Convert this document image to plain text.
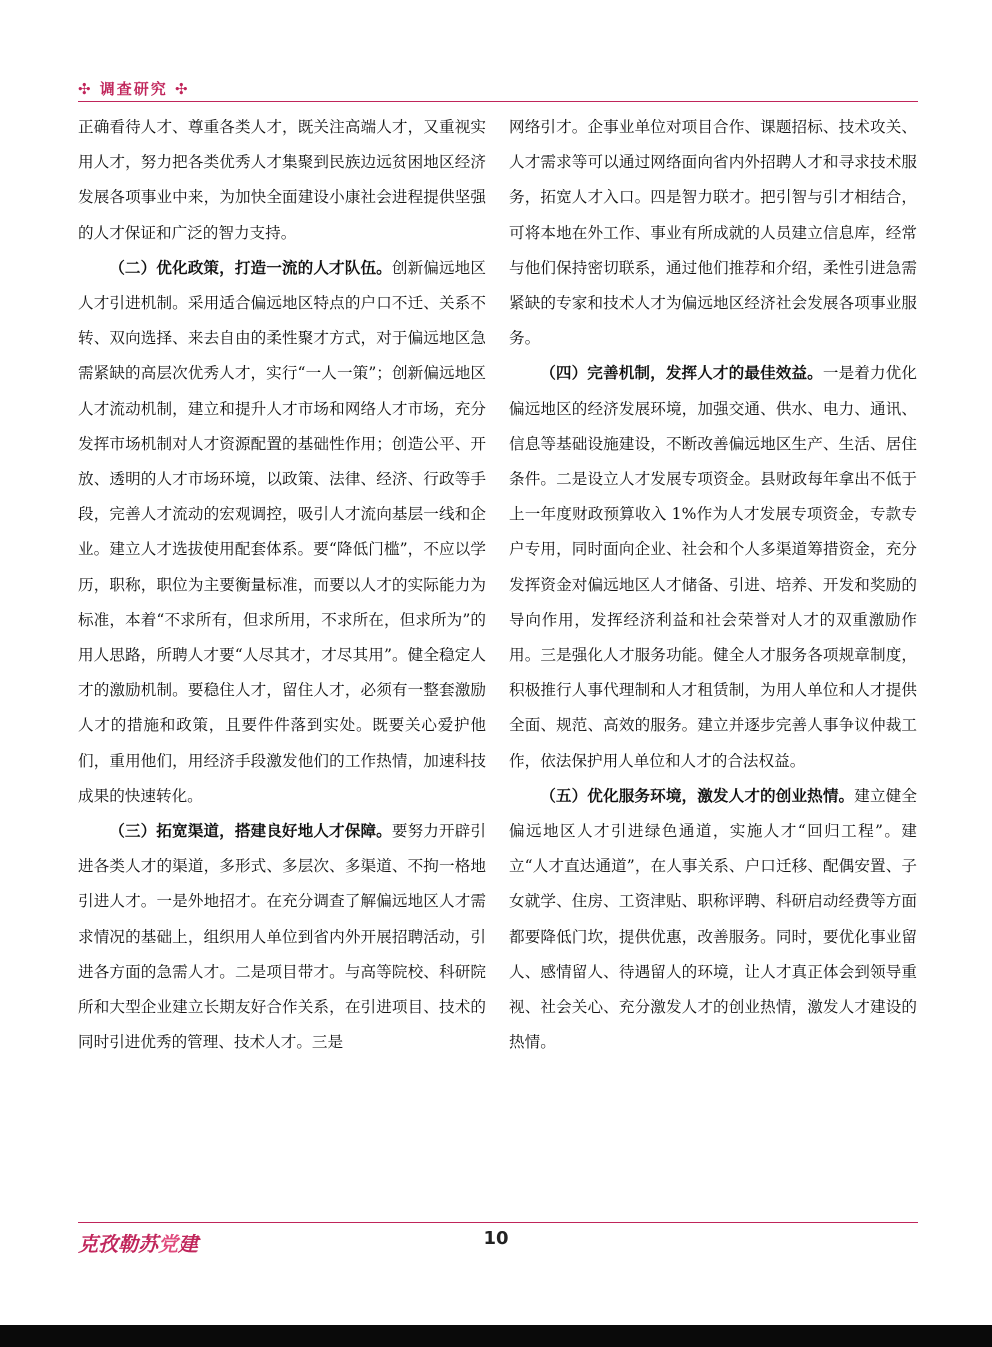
✣ 调查研究 ✣

正确看待人才、尊重各类人才，既关注高端人才，又重视实用人才，努力把各类优秀人才集聚到民族边远贫困地区经济发展各项事业中来，为加快全面建设小康社会进程提供坚强的人才保证和广泛的智力支持。

（二）优化政策，打造一流的人才队伍。创新偏远地区人才引进机制。采用适合偏远地区特点的户口不迁、关系不转、双向选择、来去自由的柔性聚才方式，对于偏远地区急需紧缺的高层次优秀人才，实行“一人一策”；创新偏远地区人才流动机制，建立和提升人才市场和网络人才市场，充分发挥市场机制对人才资源配置的基础性作用；创造公平、开放、透明的人才市场环境，以政策、法律、经济、行政等手段，完善人才流动的宏观调控，吸引人才流向基层一线和企业。建立人才选拔使用配套体系。要“降低门槛”，不应以学历，职称，职位为主要衡量标准，而要以人才的实际能力为标准，本着“不求所有，但求所用，不求所在，但求所为”的用人思路，所聘人才要“人尽其才，才尽其用”。健全稳定人才的激励机制。要稳住人才，留住人才，必须有一整套激励人才的措施和政策，且要件件落到实处。既要关心爱护他们，重用他们，用经济手段激发他们的工作热情，加速科技成果的快速转化。

（三）拓宽渠道，搭建良好地人才保障。要努力开辟引进各类人才的渠道，多形式、多层次、多渠道、不拘一格地引进人才。一是外地招才。在充分调查了解偏远地区人才需求情况的基础上，组织用人单位到省内外开展招聘活动，引进各方面的急需人才。二是项目带才。与高等院校、科研院所和大型企业建立长期友好合作关系，在引进项目、技术的同时引进优秀的管理、技术人才。三是

网络引才。企事业单位对项目合作、课题招标、技术攻关、人才需求等可以通过网络面向省内外招聘人才和寻求技术服务，拓宽人才入口。四是智力联才。把引智与引才相结合，可将本地在外工作、事业有所成就的人员建立信息库，经常与他们保持密切联系，通过他们推荐和介绍，柔性引进急需紧缺的专家和技术人才为偏远地区经济社会发展各项事业服务。

（四）完善机制，发挥人才的最佳效益。一是着力优化偏远地区的经济发展环境，加强交通、供水、电力、通讯、信息等基础设施建设，不断改善偏远地区生产、生活、居住条件。二是设立人才发展专项资金。县财政每年拿出不低于上一年度财政预算收入 1%作为人才发展专项资金，专款专户专用，同时面向企业、社会和个人多渠道筹措资金，充分发挥资金对偏远地区人才储备、引进、培养、开发和奖励的导向作用，发挥经济利益和社会荣誉对人才的双重激励作用。三是强化人才服务功能。健全人才服务各项规章制度，积极推行人事代理制和人才租赁制，为用人单位和人才提供全面、规范、高效的服务。建立并逐步完善人事争议仲裁工作，依法保护用人单位和人才的合法权益。

（五）优化服务环境，激发人才的创业热情。建立健全偏远地区人才引进绿色通道，实施人才“回归工程”。建立“人才直达通道”，在人事关系、户口迁移、配偶安置、子女就学、住房、工资津贴、职称评聘、科研启动经费等方面都要降低门坎，提供优惠，改善服务。同时，要优化事业留人、感情留人、待遇留人的环境，让人才真正体会到领导重视、社会关心、充分激发人才的创业热情，激发人才建设的热情。

克孜勒苏党建	10
